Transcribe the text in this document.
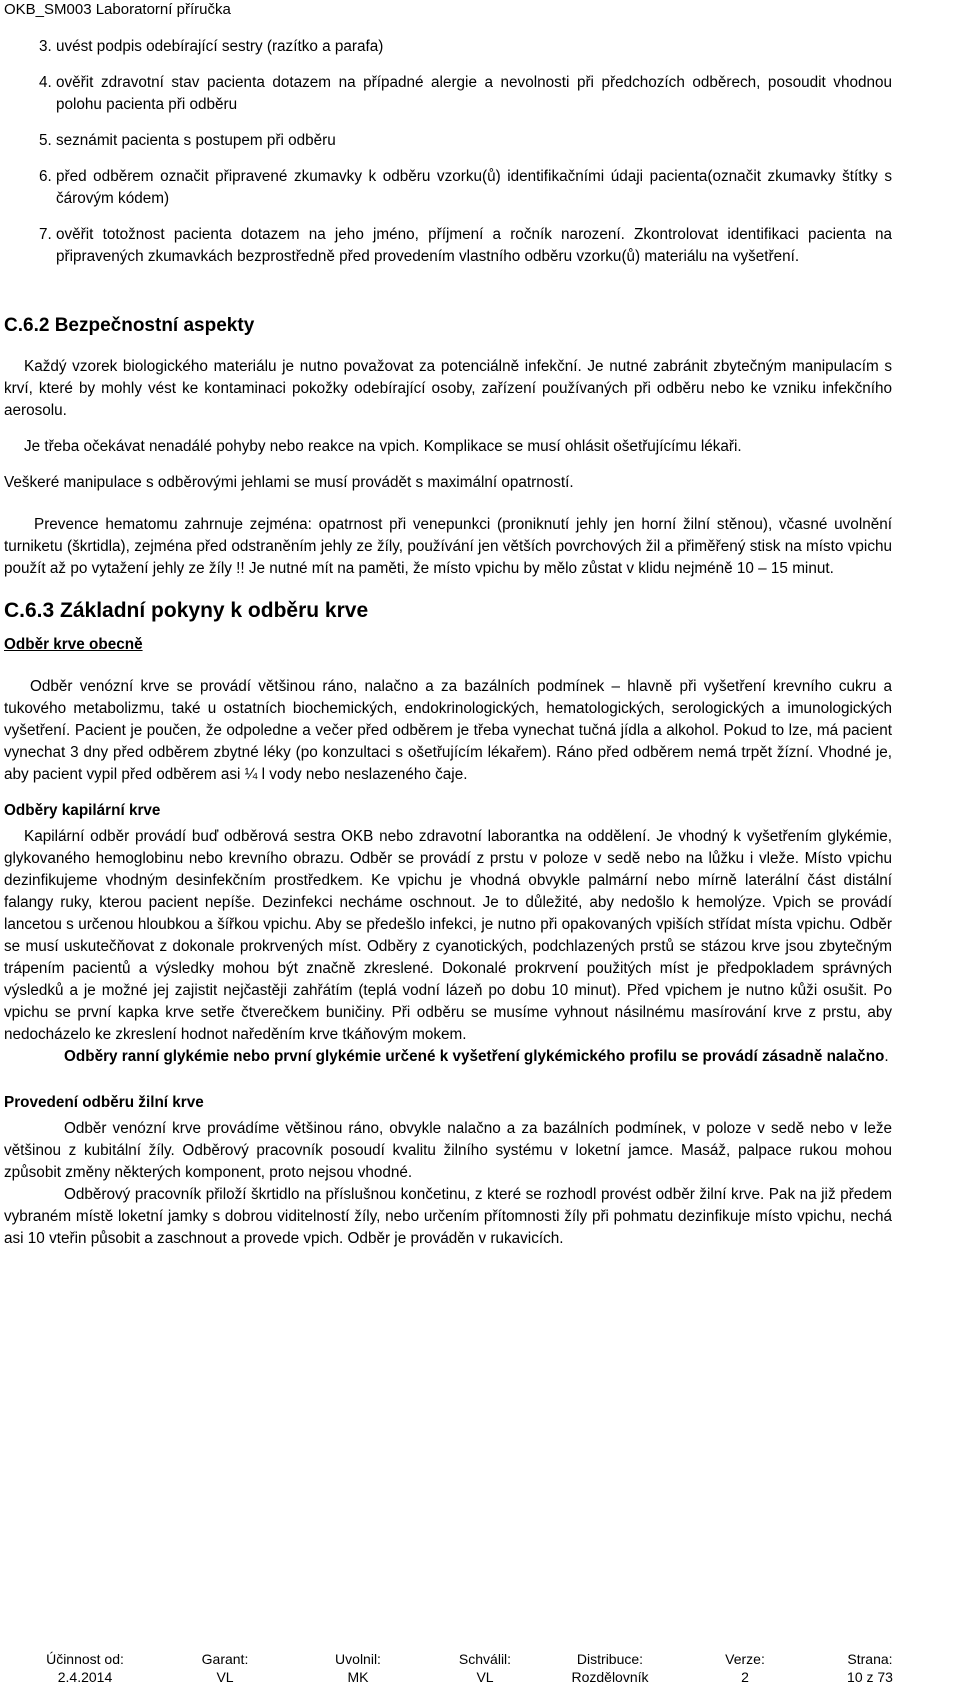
OKB_SM003 Laboratorní příručka
3. uvést podpis odebírající sestry (razítko a parafa)
4. ověřit zdravotní stav pacienta dotazem na případné alergie a nevolnosti při předchozích odběrech, posoudit vhodnou polohu pacienta při odběru
5. seznámit pacienta s postupem při odběru
6. před odběrem označit připravené zkumavky k odběru vzorku(ů) identifikačními údaji pacienta(označit zkumavky štítky s čárovým kódem)
7. ověřit totožnost pacienta dotazem na jeho jméno, příjmení a ročník narození. Zkontrolovat identifikaci pacienta na připravených zkumavkách bezprostředně před provedením vlastního odběru vzorku(ů) materiálu na vyšetření.
C.6.2 Bezpečnostní aspekty

Každý vzorek biologického materiálu je nutno považovat za potenciálně infekční. Je nutné zabránit zbytečným manipulacím s krví, které by mohly vést ke kontaminaci pokožky odebírající osoby, zařízení používaných při odběru nebo ke vzniku infekčního aerosolu.

Je třeba očekávat nenadálé pohyby nebo reakce na vpich. Komplikace se musí ohlásit ošetřujícímu lékaři.

Veškeré manipulace s odběrovými jehlami se musí provádět s maximální opatrností.

Prevence hematomu zahrnuje zejména: opatrnost při venepunkci (proniknutí jehly jen horní žilní stěnou), včasné uvolnění turniketu (škrtidla), zejména před odstraněním jehly ze žíly, používání jen větších povrchových žil a přiměřený stisk na místo vpichu použít až po vytažení jehly ze žíly !! Je nutné mít na paměti, že místo vpichu by mělo zůstat v klidu nejméně 10 – 15 minut.

C.6.3 Základní pokyny k odběru krve
Odběr krve obecně

Odběr venózní krve se provádí většinou ráno, nalačno a za bazálních podmínek – hlavně při vyšetření krevního cukru a tukového metabolizmu, také u ostatních biochemických, endokrinologických, hematologických, serologických a imunologických vyšetření. Pacient je poučen, že odpoledne a večer před odběrem je třeba vynechat tučná jídla a alkohol. Pokud to lze, má pacient vynechat 3 dny před odběrem zbytné léky (po konzultaci s ošetřujícím lékařem). Ráno před odběrem nemá trpět žízní. Vhodné je, aby pacient vypil před odběrem asi ¼ l vody nebo neslazeného čaje.

Odběry kapilární krve

Kapilární odběr provádí buď odběrová sestra OKB nebo zdravotní laborantka na oddělení. Je vhodný k vyšetřením glykémie, glykovaného hemoglobinu nebo krevního obrazu. Odběr se provádí z prstu v poloze v sedě nebo na lůžku i vleže. Místo vpichu dezinfikujeme vhodným desinfekčním prostředkem. Ke vpichu je vhodná obvykle palmární nebo mírně laterální část distální falangy ruky, kterou pacient nepíše. Dezinfekci necháme oschnout. Je to důležité, aby nedošlo k hemolýze. Vpich se provádí lancetou s určenou hloubkou a šířkou vpichu. Aby se předešlo infekci, je nutno při opakovaných vpiších střídat místa vpichu. Odběr se musí uskutečňovat z dokonale prokrvených míst. Odběry z cyanotických, podchlazených prstů se stázou krve jsou zbytečným trápením pacientů a výsledky mohou být značně zkreslené. Dokonalé prokrvení použitých míst je předpokladem správných výsledků a je možné jej zajistit nejčastěji zahřátím (teplá vodní lázeň po dobu 10 minut). Před vpichem je nutno kůži osušit. Po vpichu se první kapka krve setře čtverečkem buničiny. Při odběru se musíme vyhnout násilnému masírování krve z prstu, aby nedocházelo ke zkreslení hodnot naředěním krve tkáňovým mokem.
Odběry ranní glykémie nebo první glykémie určené k vyšetření glykémického profilu se provádí zásadně nalačno.

Provedení odběru žilní krve

Odběr venózní krve provádíme většinou ráno, obvykle nalačno a za bazálních podmínek, v poloze v sedě nebo v leže většinou z kubitální žíly. Odběrový pracovník posoudí kvalitu žilního systému v loketní jamce. Masáž, palpace rukou mohou způsobit změny některých komponent, proto nejsou vhodné.

Odběrový pracovník přiloží škrtidlo na příslušnou končetinu, z které se rozhodl provést odběr žilní krve. Pak na již předem vybraném místě loketní jamky s dobrou viditelností žíly, nebo určením přítomnosti žíly při pohmatu dezinfikuje místo vpichu, nechá asi 10 vteřin působit a zaschnout a provede vpich. Odběr je prováděn v rukavicích.

Účinnost od:
2.4.2014
Garant:
VL
Uvolnil:
MK
Schválil:
VL
Distribuce:
Rozdělovník
Verze:
2
Strana:
10 z 73
